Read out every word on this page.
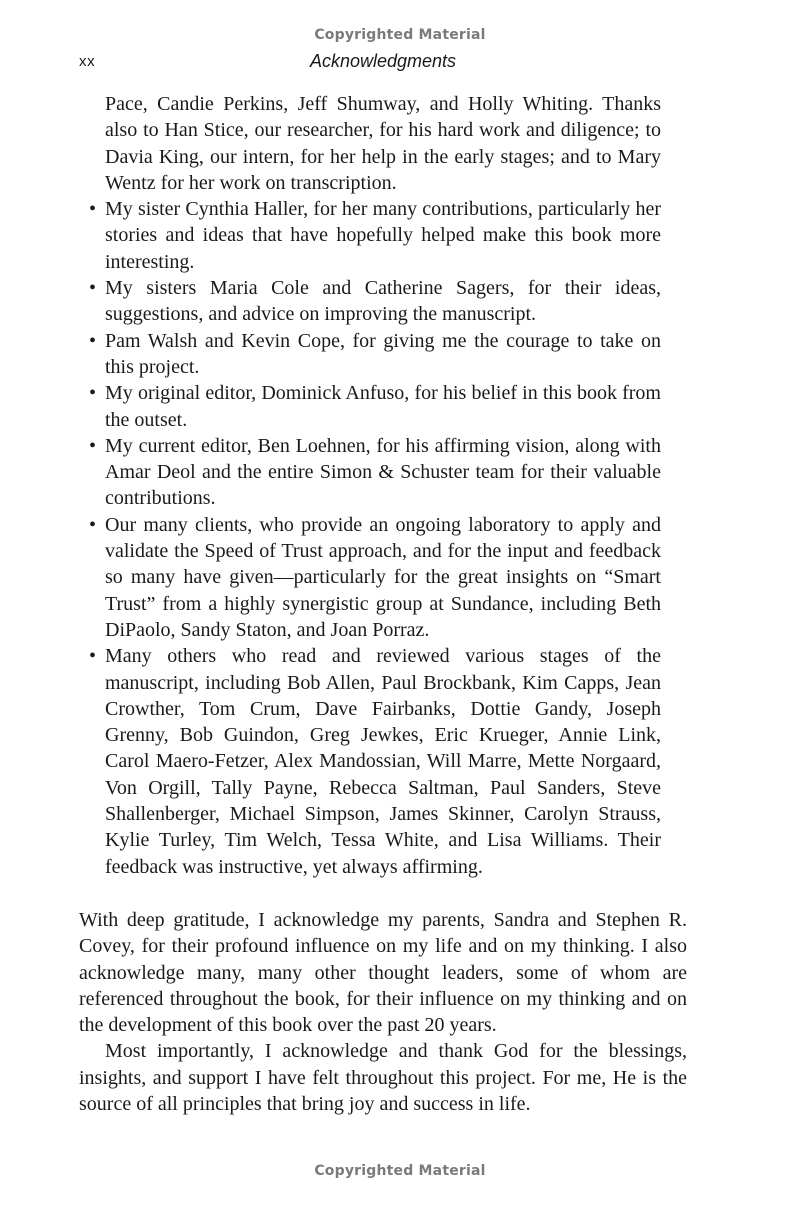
Copyrighted Material
xx	Acknowledgments
Pace, Candie Perkins, Jeff Shumway, and Holly Whiting. Thanks also to Han Stice, our researcher, for his hard work and diligence; to Davia King, our intern, for her help in the early stages; and to Mary Wentz for her work on transcription.
• My sister Cynthia Haller, for her many contributions, particularly her stories and ideas that have hopefully helped make this book more interesting.
• My sisters Maria Cole and Catherine Sagers, for their ideas, suggestions, and advice on improving the manuscript.
• Pam Walsh and Kevin Cope, for giving me the courage to take on this project.
• My original editor, Dominick Anfuso, for his belief in this book from the outset.
• My current editor, Ben Loehnen, for his affirming vision, along with Amar Deol and the entire Simon & Schuster team for their valuable contributions.
• Our many clients, who provide an ongoing laboratory to apply and validate the Speed of Trust approach, and for the input and feedback so many have given—particularly for the great insights on “Smart Trust” from a highly synergistic group at Sundance, including Beth DiPaolo, Sandy Staton, and Joan Porraz.
• Many others who read and reviewed various stages of the manuscript, including Bob Allen, Paul Brockbank, Kim Capps, Jean Crowther, Tom Crum, Dave Fairbanks, Dottie Gandy, Joseph Grenny, Bob Guindon, Greg Jewkes, Eric Krueger, Annie Link, Carol Maero-Fetzer, Alex Mandossian, Will Marre, Mette Norgaard, Von Orgill, Tally Payne, Rebecca Saltman, Paul Sanders, Steve Shallenberger, Michael Simpson, James Skinner, Carolyn Strauss, Kylie Turley, Tim Welch, Tessa White, and Lisa Williams. Their feedback was instructive, yet always affirming.

With deep gratitude, I acknowledge my parents, Sandra and Stephen R. Covey, for their profound influence on my life and on my thinking. I also acknowledge many, many other thought leaders, some of whom are referenced throughout the book, for their influence on my thinking and on the development of this book over the past 20 years.

Most importantly, I acknowledge and thank God for the blessings, insights, and support I have felt throughout this project. For me, He is the source of all principles that bring joy and success in life.

Copyrighted Material
